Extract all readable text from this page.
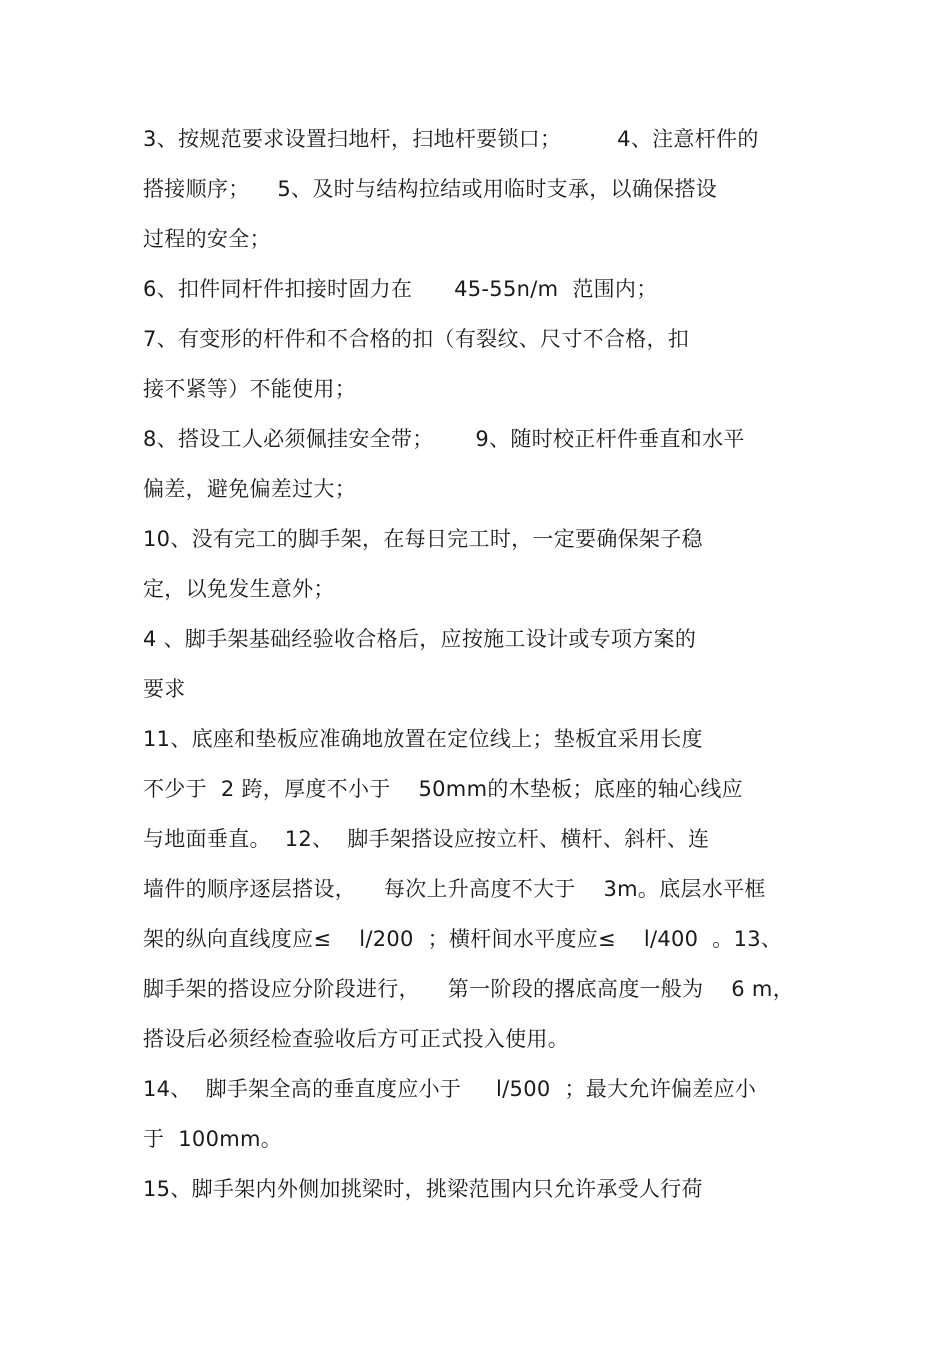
3、按规范要求设置扫地杆，扫地杆要锁口；        4、注意杆件的
搭接顺序；    5、及时与结构拉结或用临时支承，以确保搭设
过程的安全；
6、扣件同杆件扣接时固力在      45-55n/m  范围内；
7、有变形的杆件和不合格的扣（有裂纹、尺寸不合格，扣
接不紧等）不能使用；
8、搭设工人必须佩挂安全带；      9、随时校正杆件垂直和水平
偏差，避免偏差过大；
10、没有完工的脚手架，在每日完工时，一定要确保架子稳
定，以免发生意外；
4 、脚手架基础经验收合格后，应按施工设计或专项方案的
要求
11、底座和垫板应准确地放置在定位线上；垫板宜采用长度
不少于  2 跨，厚度不小于    50mm的木垫板；底座的轴心线应
与地面垂直。  12、  脚手架搭设应按立杆、横杆、斜杆、连
墙件的顺序逐层搭设，    每次上升高度不大于    3m。底层水平框
架的纵向直线度应≤    l/200  ；横杆间水平度应≤    l/400  。13、
脚手架的搭设应分阶段进行，    第一阶段的撂底高度一般为    6 m，
搭设后必须经检查验收后方可正式投入使用。
14、  脚手架全高的垂直度应小于     l/500  ；最大允许偏差应小
于  100mm。
15、脚手架内外侧加挑梁时，挑梁范围内只允许承受人行荷
